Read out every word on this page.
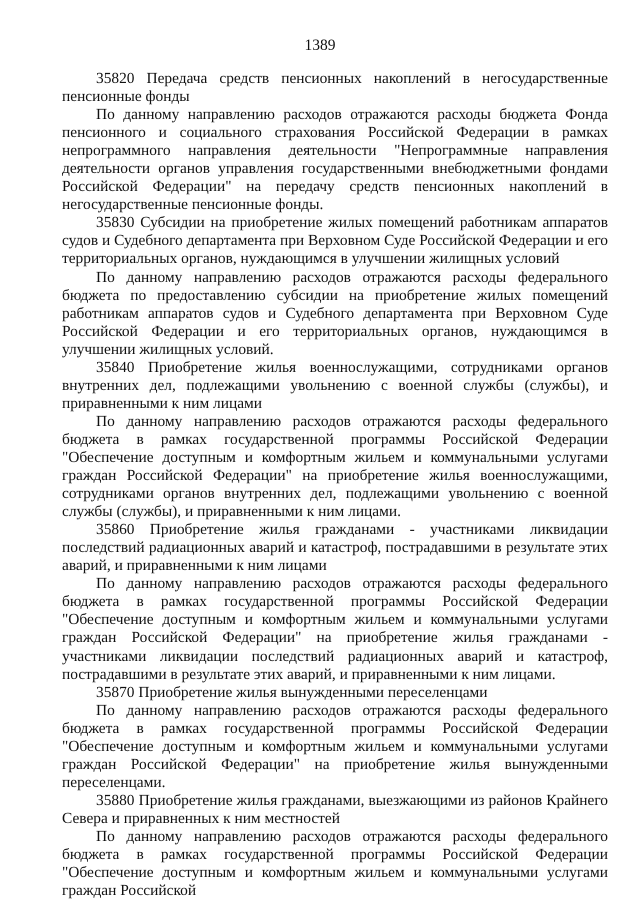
1389

35820 Передача средств пенсионных накоплений в негосударственные пенсионные фонды

По данному направлению расходов отражаются расходы бюджета Фонда пенсионного и социального страхования Российской Федерации в рамках непрограммного направления деятельности "Непрограммные направления деятельности органов управления государственными внебюджетными фондами Российской Федерации" на передачу средств пенсионных накоплений в негосударственные пенсионные фонды.

35830 Субсидии на приобретение жилых помещений работникам аппаратов судов и Судебного департамента при Верховном Суде Российской Федерации и его территориальных органов, нуждающимся в улучшении жилищных условий

По данному направлению расходов отражаются расходы федерального бюджета по предоставлению субсидии на приобретение жилых помещений работникам аппаратов судов и Судебного департамента при Верховном Суде Российской Федерации и его территориальных органов, нуждающимся в улучшении жилищных условий.

35840 Приобретение жилья военнослужащими, сотрудниками органов внутренних дел, подлежащими увольнению с военной службы (службы), и приравненными к ним лицами

По данному направлению расходов отражаются расходы федерального бюджета в рамках государственной программы Российской Федерации "Обеспечение доступным и комфортным жильем и коммунальными услугами граждан Российской Федерации" на приобретение жилья военнослужащими, сотрудниками органов внутренних дел, подлежащими увольнению с военной службы (службы), и приравненными к ним лицами.

35860 Приобретение жилья гражданами - участниками ликвидации последствий радиационных аварий и катастроф, пострадавшими в результате этих аварий, и приравненными к ним лицами

По данному направлению расходов отражаются расходы федерального бюджета в рамках государственной программы Российской Федерации "Обеспечение доступным и комфортным жильем и коммунальными услугами граждан Российской Федерации" на приобретение жилья гражданами - участниками ликвидации последствий радиационных аварий и катастроф, пострадавшими в результате этих аварий, и приравненными к ним лицами.

35870 Приобретение жилья вынужденными переселенцами

По данному направлению расходов отражаются расходы федерального бюджета в рамках государственной программы Российской Федерации "Обеспечение доступным и комфортным жильем и коммунальными услугами граждан Российской Федерации" на приобретение жилья вынужденными переселенцами.

35880 Приобретение жилья гражданами, выезжающими из районов Крайнего Севера и приравненных к ним местностей

По данному направлению расходов отражаются расходы федерального бюджета в рамках государственной программы Российской Федерации "Обеспечение доступным и комфортным жильем и коммунальными услугами граждан Российской
